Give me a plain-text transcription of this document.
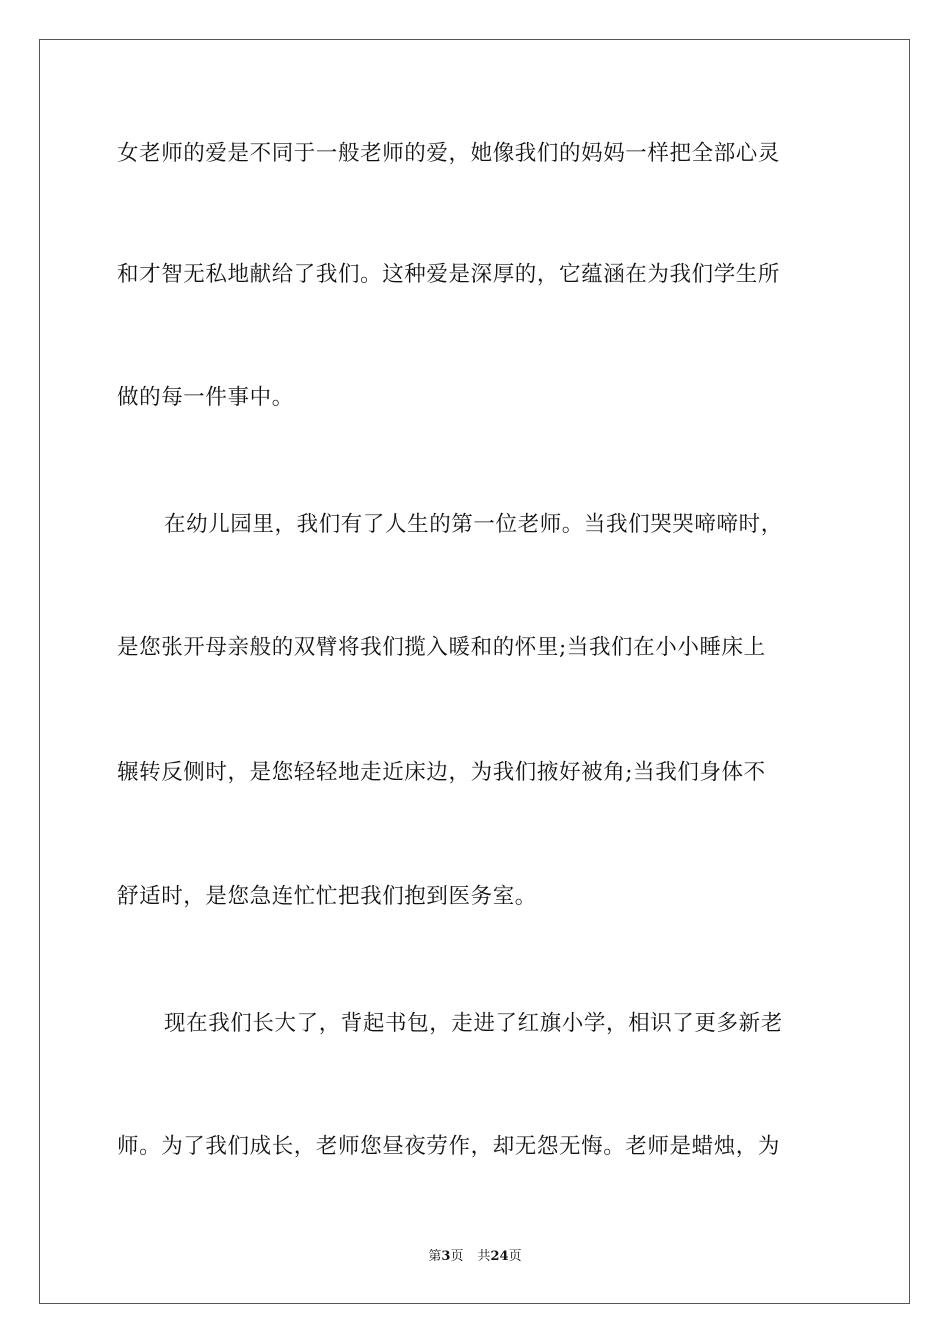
女老师的爱是不同于一般老师的爱，她像我们的妈妈一样把全部心灵
和才智无私地献给了我们。这种爱是深厚的，它蕴涵在为我们学生所
做的每一件事中。
在幼儿园里，我们有了人生的第一位老师。当我们哭哭啼啼时，
是您张开母亲般的双臂将我们揽入暖和的怀里;当我们在小小睡床上
辗转反侧时，是您轻轻地走近床边，为我们掖好被角;当我们身体不
舒适时，是您急连忙忙把我们抱到医务室。
现在我们长大了，背起书包，走进了红旗小学，相识了更多新老
师。为了我们成长，老师您昼夜劳作，却无怨无悔。老师是蜡烛，为
第3页 共24页
